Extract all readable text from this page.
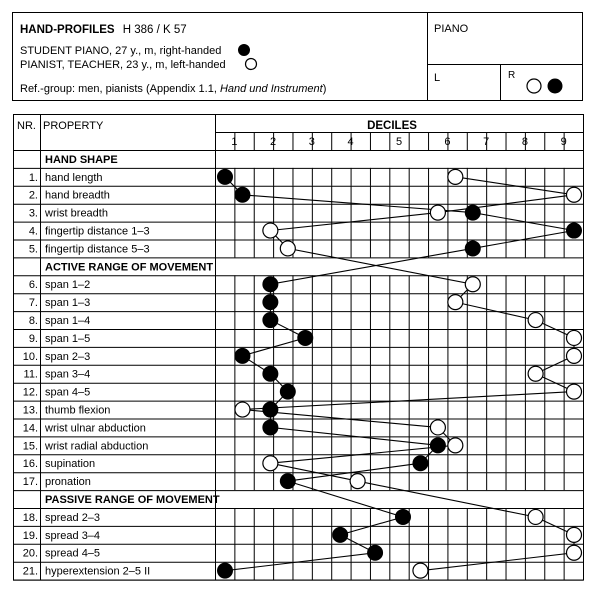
HAND-PROFILES H 386 / K 57
STUDENT PIANO, 27 y., m, right-handed
PIANIST, TEACHER, 23 y., m, left-handed
Ref.-group: men, pianists (Appendix 1.1, Hand und Instrument)
PIANO
L	R
NR. PROPERTY	DECILES
1	2	3	4	5	6	7	8	9
HAND SHAPE
1. hand length
2. hand breadth
3. wrist breadth
4. fingertip distance 1–3
5. fingertip distance 5–3
ACTIVE RANGE OF MOVEMENT
6. span 1–2
7. span 1–3
8. span 1–4
9. span 1–5
10. span 2–3
11. span 3–4
12. span 4–5
13. thumb flexion
14. wrist ulnar abduction
15. wrist radial abduction
16. supination
17. pronation
PASSIVE RANGE OF MOVEMENT
18. spread 2–3
19. spread 3–4
20. spread 4–5
21. hyperextension 2–5 II
